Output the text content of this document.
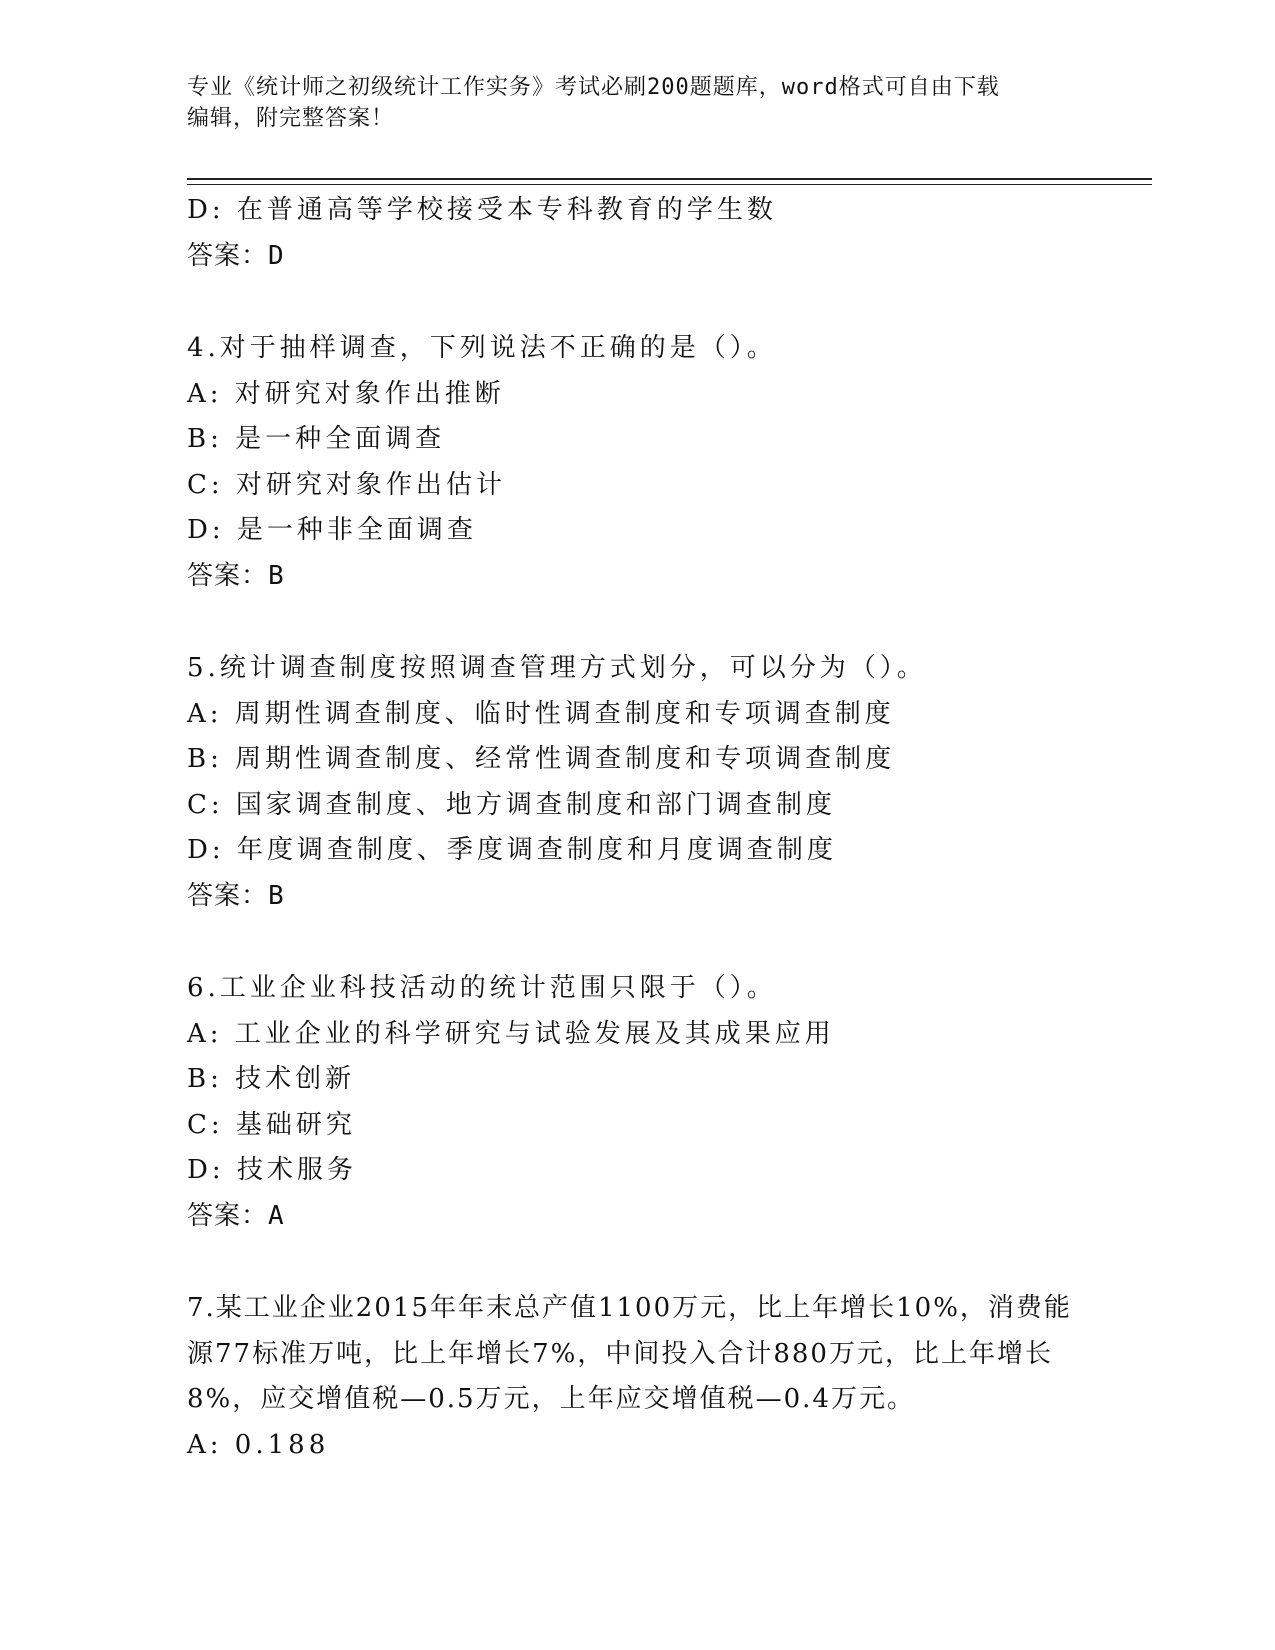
专业《统计师之初级统计工作实务》考试必刷200题题库，word格式可自由下载
编辑，附完整答案！
D: 在普通高等学校接受本专科教育的学生数
答案：D
4.对于抽样调查，下列说法不正确的是（）。
A: 对研究对象作出推断
B: 是一种全面调查
C: 对研究对象作出估计
D: 是一种非全面调查
答案：B
5.统计调查制度按照调查管理方式划分，可以分为（）。
A: 周期性调查制度、临时性调查制度和专项调查制度
B: 周期性调查制度、经常性调查制度和专项调查制度
C: 国家调查制度、地方调查制度和部门调查制度
D: 年度调查制度、季度调查制度和月度调查制度
答案：B
6.工业企业科技活动的统计范围只限于（）。
A: 工业企业的科学研究与试验发展及其成果应用
B: 技术创新
C: 基础研究
D: 技术服务
答案：A
7.某工业企业2015年年末总产值1100万元，比上年增长10%，消费能
源77标准万吨，比上年增长7%，中间投入合计880万元，比上年增长
8%，应交增值税—0.5万元，上年应交增值税—0.4万元。
A: 0.188
